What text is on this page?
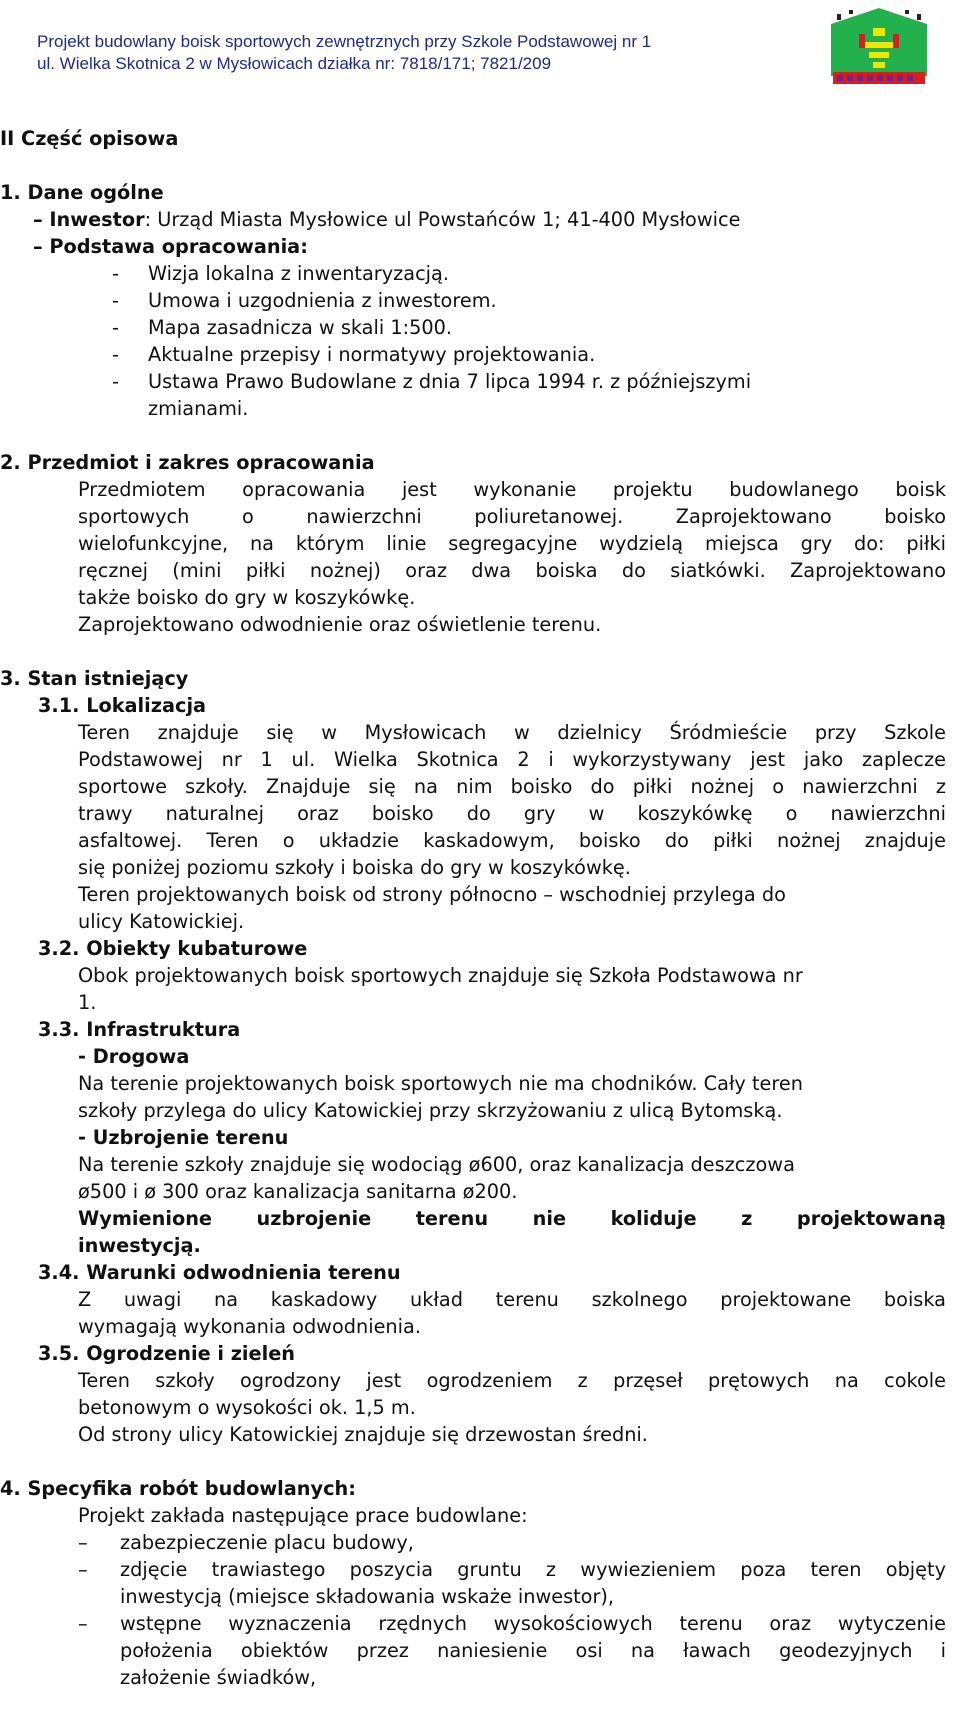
Projekt budowlany boisk sportowych zewnętrznych przy Szkole Podstawowej nr 1
ul. Wielka Skotnica 2 w Mysłowicach działka nr: 7818/171; 7821/209
II Część opisowa
1. Dane ogólne
– Inwestor: Urząd Miasta Mysłowice ul Powstańców 1; 41-400 Mysłowice
– Podstawa opracowania:
- Wizja lokalna z inwentaryzacją.
- Umowa i uzgodnienia z inwestorem.
- Mapa zasadnicza w skali 1:500.
- Aktualne przepisy i normatywy projektowania.
- Ustawa Prawo Budowlane z dnia 7 lipca 1994 r. z późniejszymi
zmianami.
2. Przedmiot i zakres opracowania
Przedmiotem opracowania jest wykonanie projektu budowlanego boisk
sportowych o nawierzchni poliuretanowej. Zaprojektowano boisko
wielofunkcyjne, na którym linie segregacyjne wydzielą miejsca gry do: piłki
ręcznej (mini piłki nożnej) oraz dwa boiska do siatkówki. Zaprojektowano
także boisko do gry w koszykówkę.
Zaprojektowano odwodnienie oraz oświetlenie terenu.
3. Stan istniejący
3.1. Lokalizacja
Teren znajduje się w Mysłowicach w dzielnicy Śródmieście przy Szkole
Podstawowej nr 1 ul. Wielka Skotnica 2 i wykorzystywany jest jako zaplecze
sportowe szkoły. Znajduje się na nim boisko do piłki nożnej o nawierzchni z
trawy naturalnej oraz boisko do gry w koszykówkę o nawierzchni
asfaltowej. Teren o układzie kaskadowym, boisko do piłki nożnej znajduje
się poniżej poziomu szkoły i boiska do gry w koszykówkę.
Teren projektowanych boisk od strony północno – wschodniej przylega do
ulicy Katowickiej.
3.2. Obiekty kubaturowe
Obok projektowanych boisk sportowych znajduje się Szkoła Podstawowa nr
1.
3.3. Infrastruktura
- Drogowa
Na terenie projektowanych boisk sportowych nie ma chodników. Cały teren
szkoły przylega do ulicy Katowickiej przy skrzyżowaniu z ulicą Bytomską.
- Uzbrojenie terenu
Na terenie szkoły znajduje się wodociąg ø600, oraz kanalizacja deszczowa
ø500 i ø 300 oraz kanalizacja sanitarna ø200.
Wymienione uzbrojenie terenu nie koliduje z projektowaną
inwestycją.
3.4. Warunki odwodnienia terenu
Z uwagi na kaskadowy układ terenu szkolnego projektowane boiska
wymagają wykonania odwodnienia.
3.5. Ogrodzenie i zieleń
Teren szkoły ogrodzony jest ogrodzeniem z przęseł prętowych na cokole
betonowym o wysokości ok. 1,5 m.
Od strony ulicy Katowickiej znajduje się drzewostan średni.
4. Specyfika robót budowlanych:
Projekt zakłada następujące prace budowlane:
– zabezpieczenie placu budowy,
– zdjęcie trawiastego poszycia gruntu z wywiezieniem poza teren objęty
inwestycją (miejsce składowania wskaże inwestor),
– wstępne wyznaczenia rzędnych wysokościowych terenu oraz wytyczenie
położenia obiektów przez naniesienie osi na ławach geodezyjnych i
założenie świadków,
